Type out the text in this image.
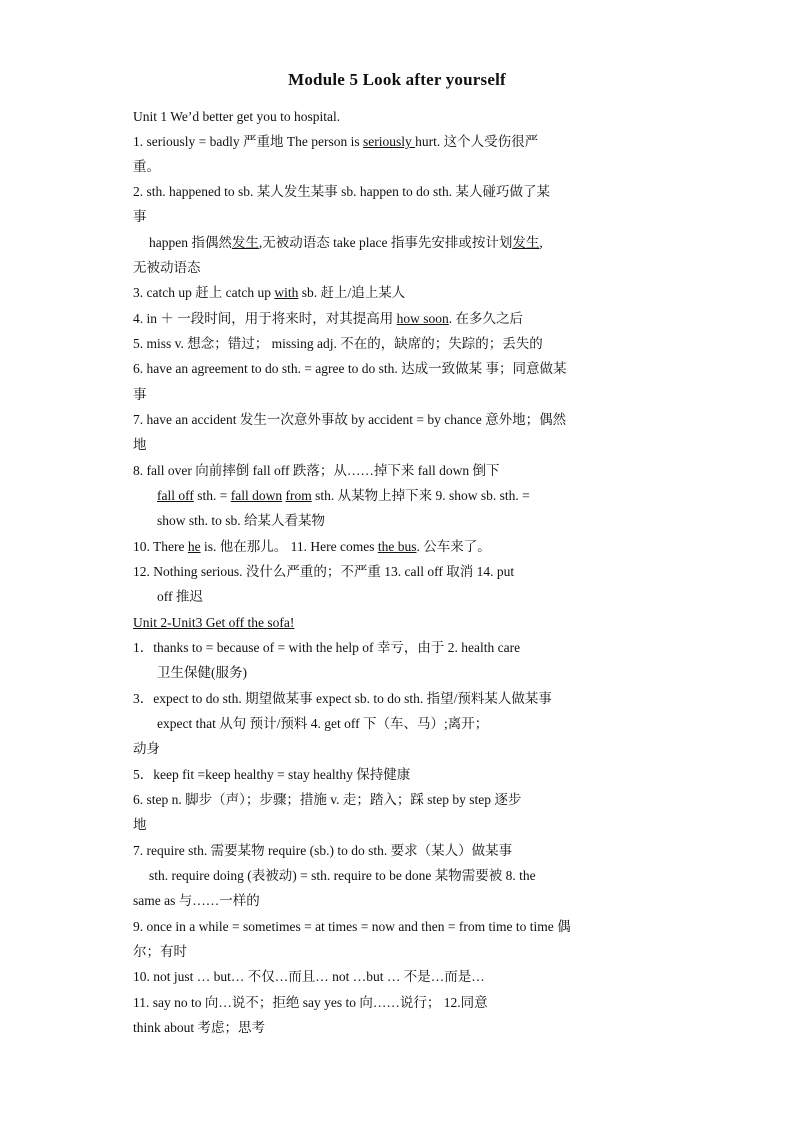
Module 5 Look after yourself
Unit 1 We’d better get you to hospital.
1. seriously = badly 严重地 The person is seriously hurt. 这个人受伤很严
重。
2. sth. happened to sb. 某人发生某事 sb. happen to do sth. 某人碰巧做了某
事
happen 指偶然发生,无被动语态 take place 指事先安排或按计划发生,
无被动语态
3. catch up 赶上 catch up with sb. 赶上/追上某人
4. in ＋ 一段时间，用于将来时，对其提高用 how soon. 在多久之后
5. miss v. 想念；错过； missing adj. 不在的，缺席的；失踪的；丢失的
6. have an agreement to do sth. = agree to do sth. 达成一致做某 事；同意做某
事
7. have an accident 发生一次意外事故 by accident = by chance 意外地；偶然
地
8. fall over 向前摔倒 fall off 跌落；从……掉下来 fall down 倒下
fall off sth. = fall down from sth. 从某物上掉下来 9. show sb. sth. =
show sth. to sb. 给某人看某物
10. There he is. 他在那儿。 11. Here comes the bus. 公车来了。
12. Nothing serious. 没什么严重的；不严重 13. call off 取消 14. put
off 推迟
Unit 2-Unit3 Get off the sofa!
1．thanks to = because of = with the help of 幸亏，由于 2. health care
卫生保健(服务)
3．expect to do sth. 期望做某事 expect sb. to do sth. 指望/预料某人做某事
expect that 从句 预计/预料 4. get off 下（车、马）;离开；
动身
5．keep fit =keep healthy = stay healthy 保持健康
6. step n. 脚步（声）；步骤；措施 v. 走；踏入；踩 step by step 逐步
地
7. require sth. 需要某物 require (sb.) to do sth. 要求（某人）做某事
sth. require doing (表被动) = sth. require to be done 某物需要被 8. the
same as 与……一样的
9. once in a while = sometimes = at times = now and then = from time to time 偶
尔；有时
10. not just … but… 不仅…而且… not …but … 不是…而是…
11. say no to 向…说不；拒绝 say yes to 向……说行； 12.同意
think about 考虑；思考
